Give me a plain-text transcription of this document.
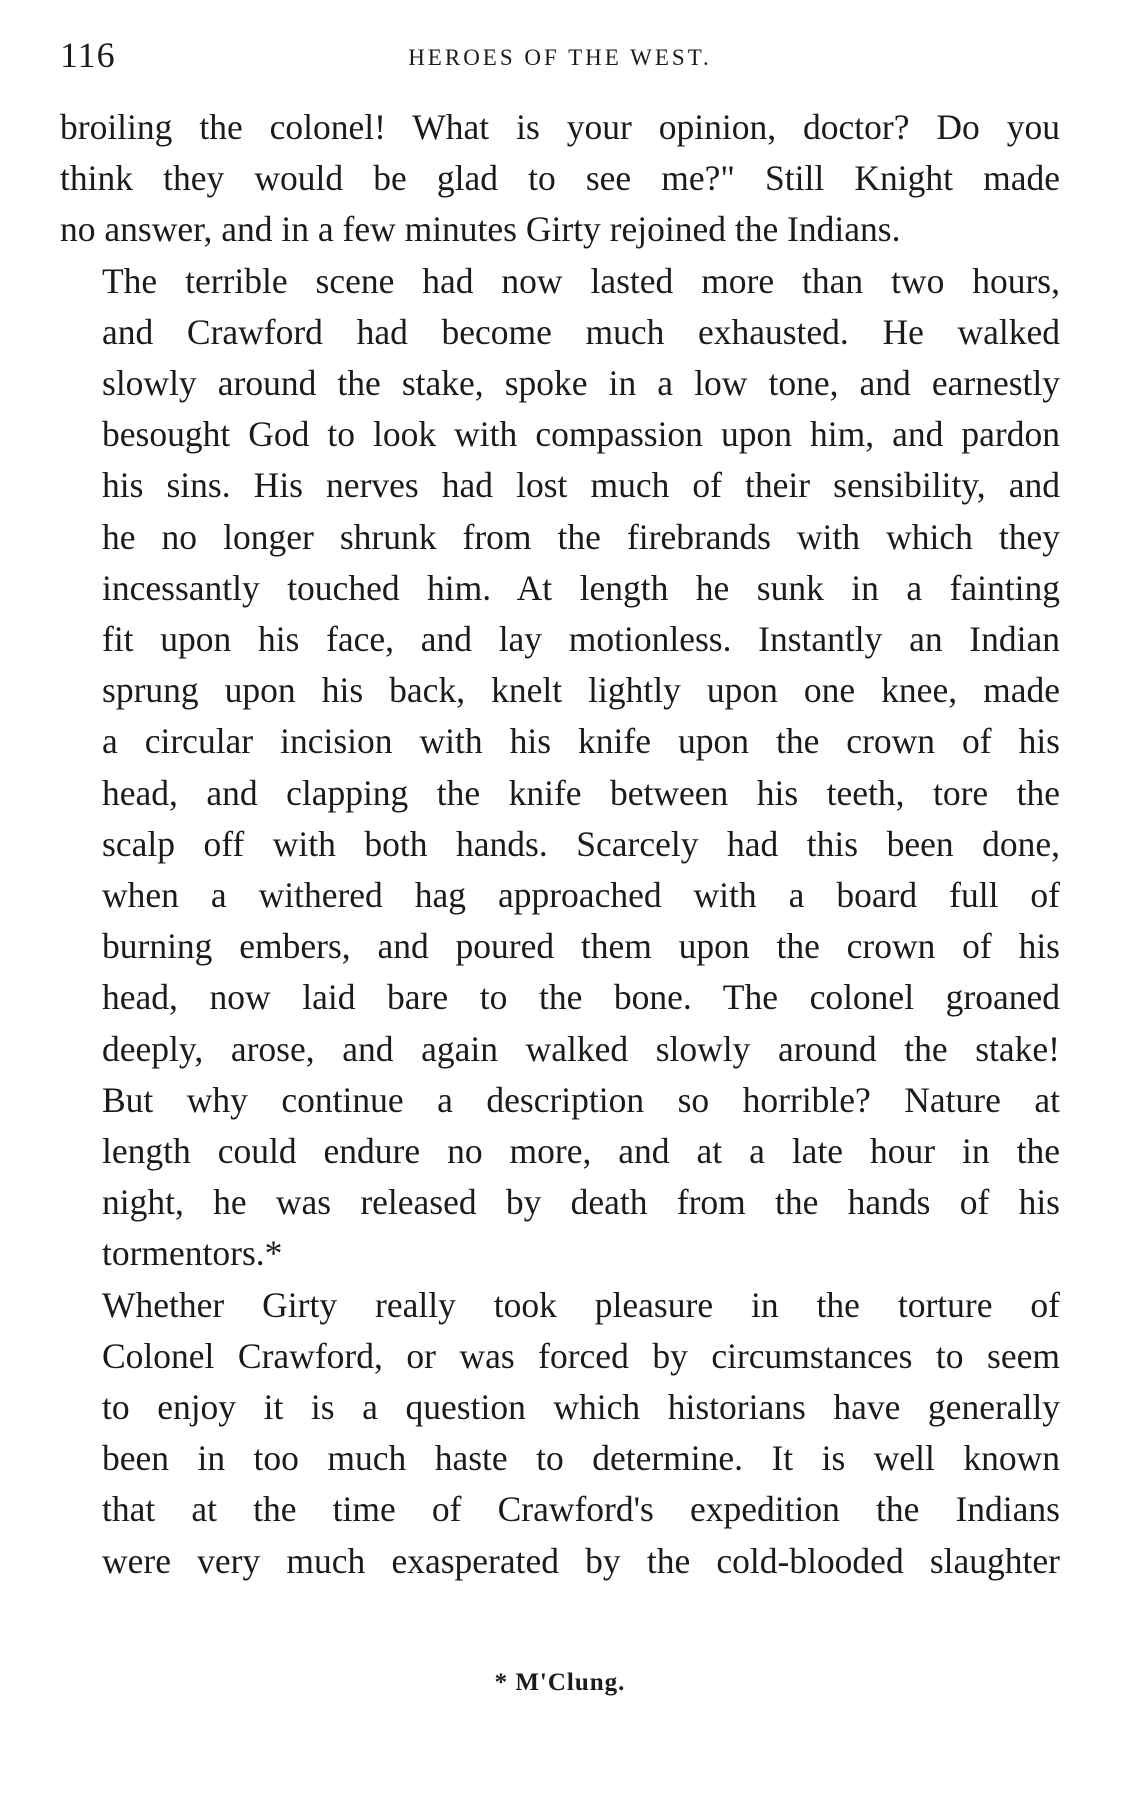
116	HEROES OF THE WEST.

broiling the colonel! What is your opinion, doctor? Do you
think they would be glad to see me?" Still Knight made
no answer, and in a few minutes Girty rejoined the Indians.

The terrible scene had now lasted more than two hours,
and Crawford had become much exhausted. He walked
slowly around the stake, spoke in a low tone, and earnestly
besought God to look with compassion upon him, and pardon
his sins. His nerves had lost much of their sensibility, and
he no longer shrunk from the firebrands with which they
incessantly touched him. At length he sunk in a fainting
fit upon his face, and lay motionless. Instantly an Indian
sprung upon his back, knelt lightly upon one knee, made
a circular incision with his knife upon the crown of his
head, and clapping the knife between his teeth, tore the
scalp off with both hands. Scarcely had this been done,
when a withered hag approached with a board full of
burning embers, and poured them upon the crown of his
head, now laid bare to the bone. The colonel groaned
deeply, arose, and again walked slowly around the stake!
But why continue a description so horrible? Nature at
length could endure no more, and at a late hour in the
night, he was released by death from the hands of his
tormentors.*

Whether Girty really took pleasure in the torture of
Colonel Crawford, or was forced by circumstances to seem
to enjoy it is a question which historians have generally
been in too much haste to determine. It is well known
that at the time of Crawford's expedition the Indians
were very much exasperated by the cold-blooded slaughter

* M'Clung.
